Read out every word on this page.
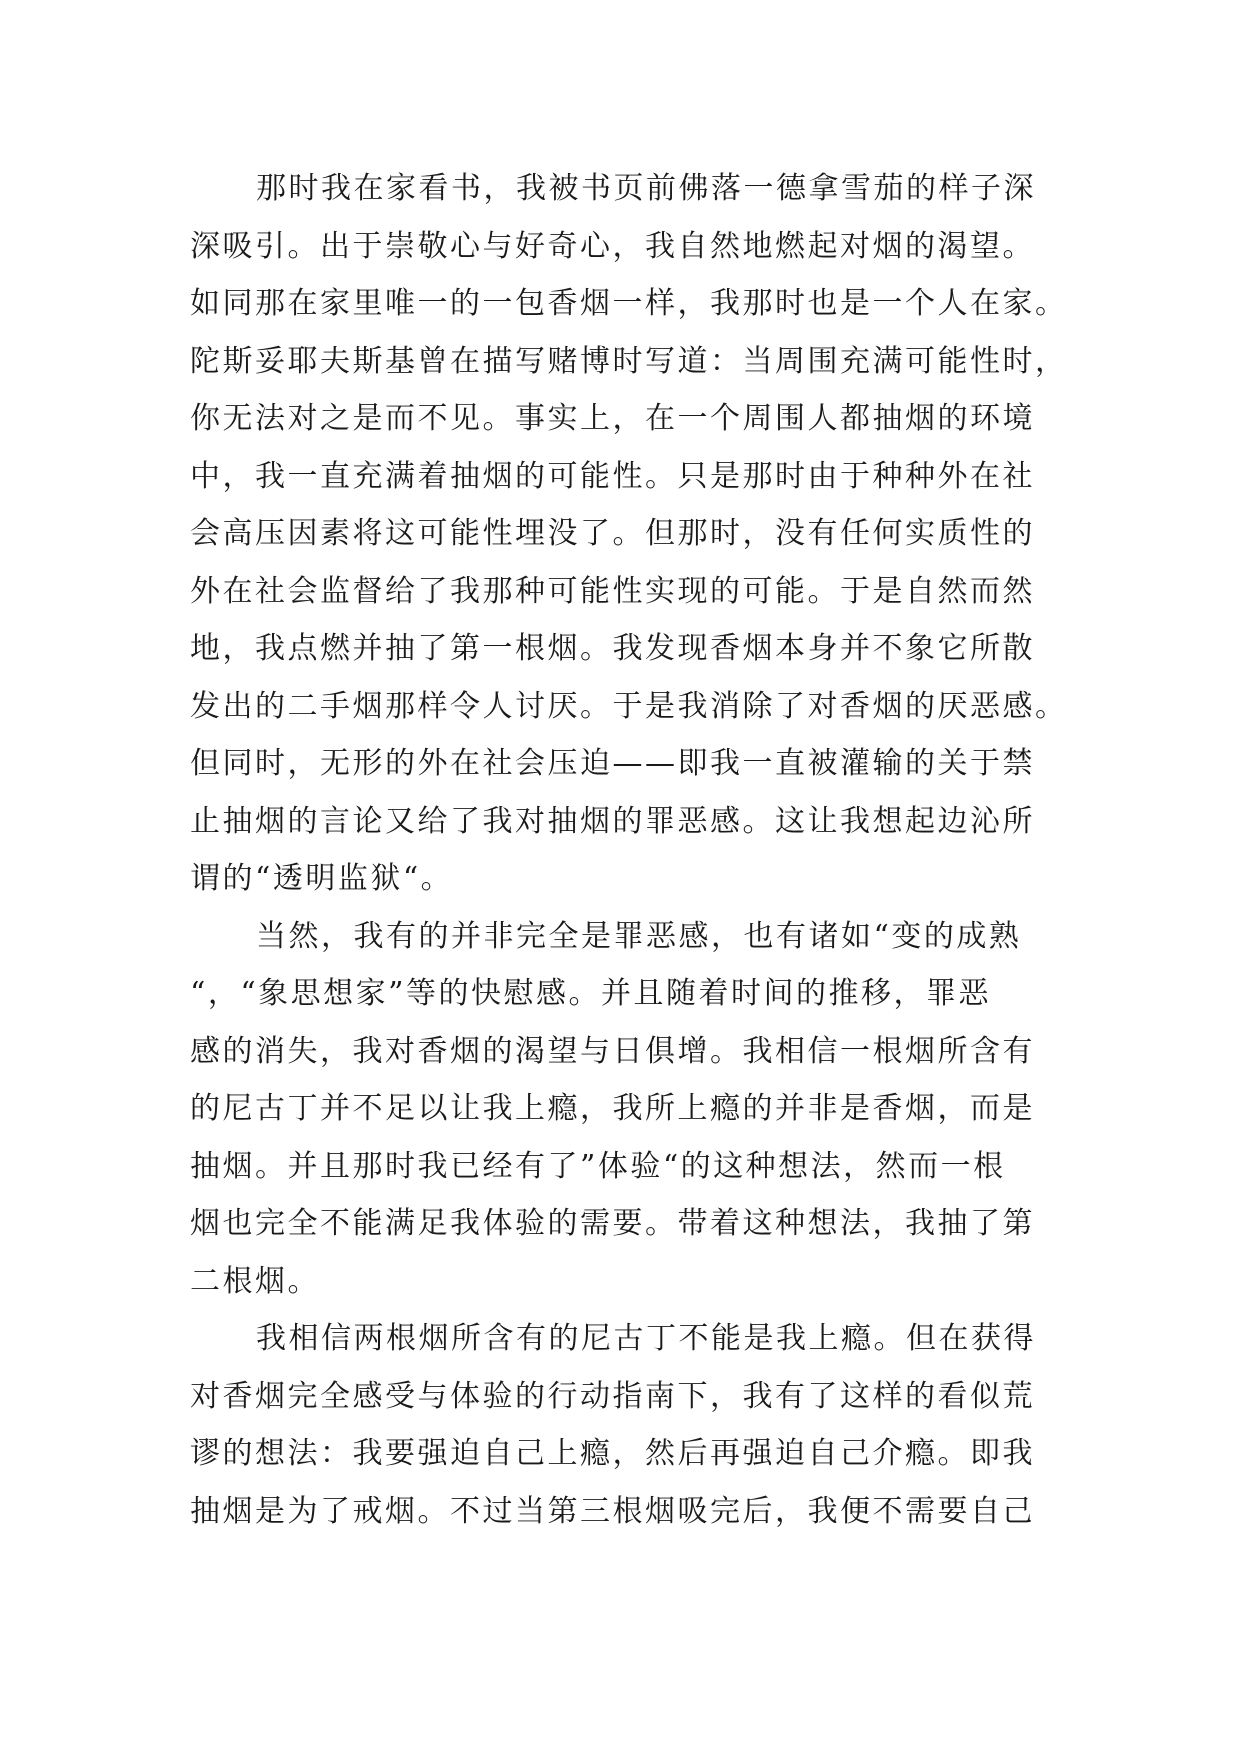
那时我在家看书，我被书页前佛落一德拿雪茄的样子深
深吸引。出于崇敬心与好奇心，我自然地燃起对烟的渴望。
如同那在家里唯一的一包香烟一样，我那时也是一个人在家。
陀斯妥耶夫斯基曾在描写赌博时写道：当周围充满可能性时，
你无法对之是而不见。事实上，在一个周围人都抽烟的环境
中，我一直充满着抽烟的可能性。只是那时由于种种外在社
会高压因素将这可能性埋没了。但那时，没有任何实质性的
外在社会监督给了我那种可能性实现的可能。于是自然而然
地，我点燃并抽了第一根烟。我发现香烟本身并不象它所散
发出的二手烟那样令人讨厌。于是我消除了对香烟的厌恶感。
但同时，无形的外在社会压迫——即我一直被灌输的关于禁
止抽烟的言论又给了我对抽烟的罪恶感。这让我想起边沁所
谓的“透明监狱“。
当然，我有的并非完全是罪恶感，也有诸如“变的成熟
“，“象思想家”等的快慰感。并且随着时间的推移，罪恶
感的消失，我对香烟的渴望与日俱增。我相信一根烟所含有
的尼古丁并不足以让我上瘾，我所上瘾的并非是香烟，而是
抽烟。并且那时我已经有了”体验“的这种想法，然而一根
烟也完全不能满足我体验的需要。带着这种想法，我抽了第
二根烟。
我相信两根烟所含有的尼古丁不能是我上瘾。但在获得
对香烟完全感受与体验的行动指南下，我有了这样的看似荒
谬的想法：我要强迫自己上瘾，然后再强迫自己介瘾。即我
抽烟是为了戒烟。不过当第三根烟吸完后，我便不需要自己
